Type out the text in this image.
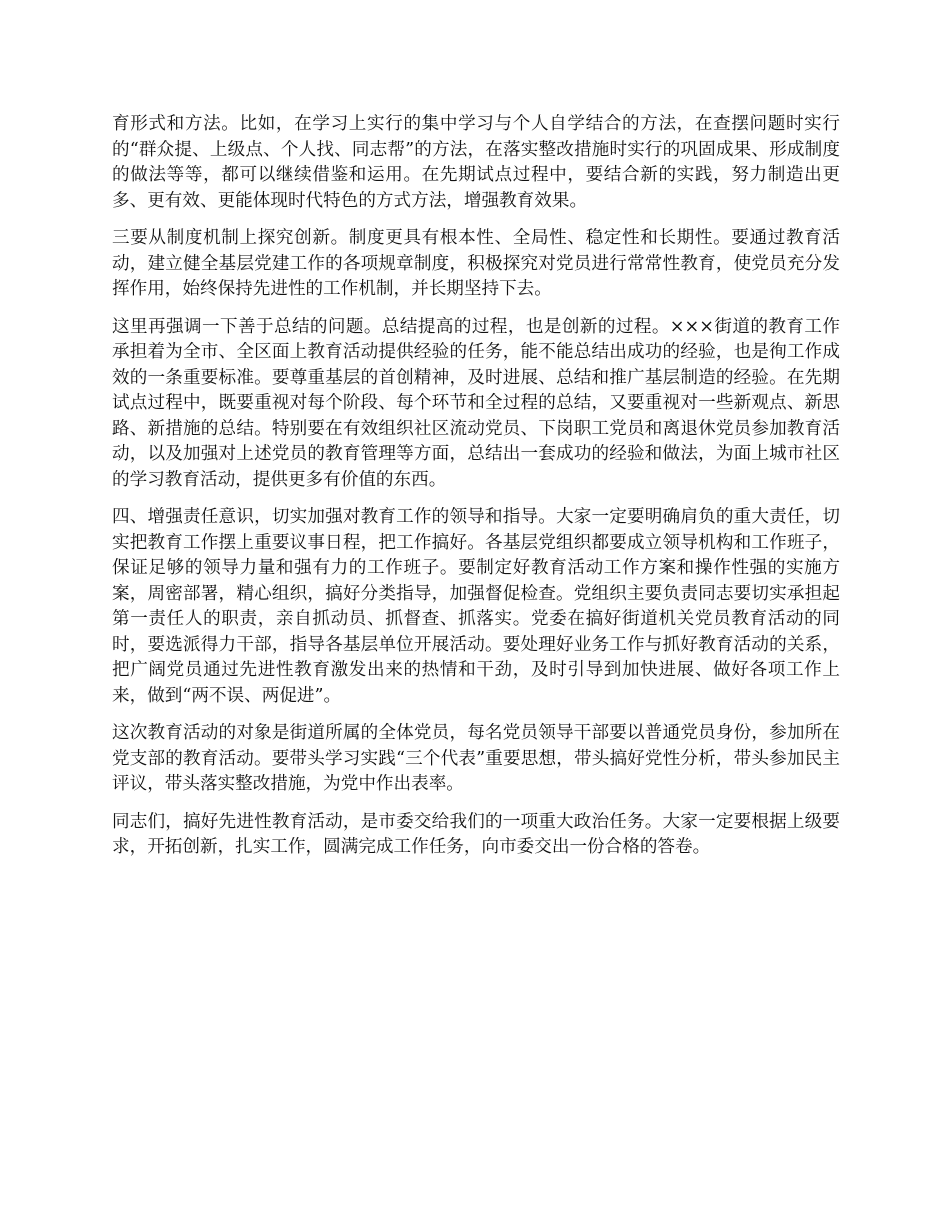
育形式和方法。比如，在学习上实行的集中学习与个人自学结合的方法，在查摆问题时实行的“群众提、上级点、个人找、同志帮”的方法，在落实整改措施时实行的巩固成果、形成制度的做法等等，都可以继续借鉴和运用。在先期试点过程中，要结合新的实践，努力制造出更多、更有效、更能体现时代特色的方式方法，增强教育效果。

三要从制度机制上探究创新。制度更具有根本性、全局性、稳定性和长期性。要通过教育活动，建立健全基层党建工作的各项规章制度，积极探究对党员进行常常性教育，使党员充分发挥作用，始终保持先进性的工作机制，并长期坚持下去。

这里再强调一下善于总结的问题。总结提高的过程，也是创新的过程。×××街道的教育工作承担着为全市、全区面上教育活动提供经验的任务，能不能总结出成功的经验，也是徇工作成效的一条重要标准。要尊重基层的首创精神，及时进展、总结和推广基层制造的经验。在先期试点过程中，既要重视对每个阶段、每个环节和全过程的总结，又要重视对一些新观点、新思路、新措施的总结。特别要在有效组织社区流动党员、下岗职工党员和离退休党员参加教育活动，以及加强对上述党员的教育管理等方面，总结出一套成功的经验和做法，为面上城市社区的学习教育活动，提供更多有价值的东西。

四、增强责任意识，切实加强对教育工作的领导和指导。大家一定要明确肩负的重大责任，切实把教育工作摆上重要议事日程，把工作搞好。各基层党组织都要成立领导机构和工作班子，保证足够的领导力量和强有力的工作班子。要制定好教育活动工作方案和操作性强的实施方案，周密部署，精心组织，搞好分类指导，加强督促检查。党组织主要负责同志要切实承担起第一责任人的职责，亲自抓动员、抓督查、抓落实。党委在搞好街道机关党员教育活动的同时，要选派得力干部，指导各基层单位开展活动。要处理好业务工作与抓好教育活动的关系，把广阔党员通过先进性教育激发出来的热情和干劲，及时引导到加快进展、做好各项工作上来，做到“两不误、两促进”。

这次教育活动的对象是街道所属的全体党员，每名党员领导干部要以普通党员身份，参加所在党支部的教育活动。要带头学习实践“三个代表”重要思想，带头搞好党性分析，带头参加民主评议，带头落实整改措施，为党中作出表率。

同志们，搞好先进性教育活动，是市委交给我们的一项重大政治任务。大家一定要根据上级要求，开拓创新，扎实工作，圆满完成工作任务，向市委交出一份合格的答卷。
